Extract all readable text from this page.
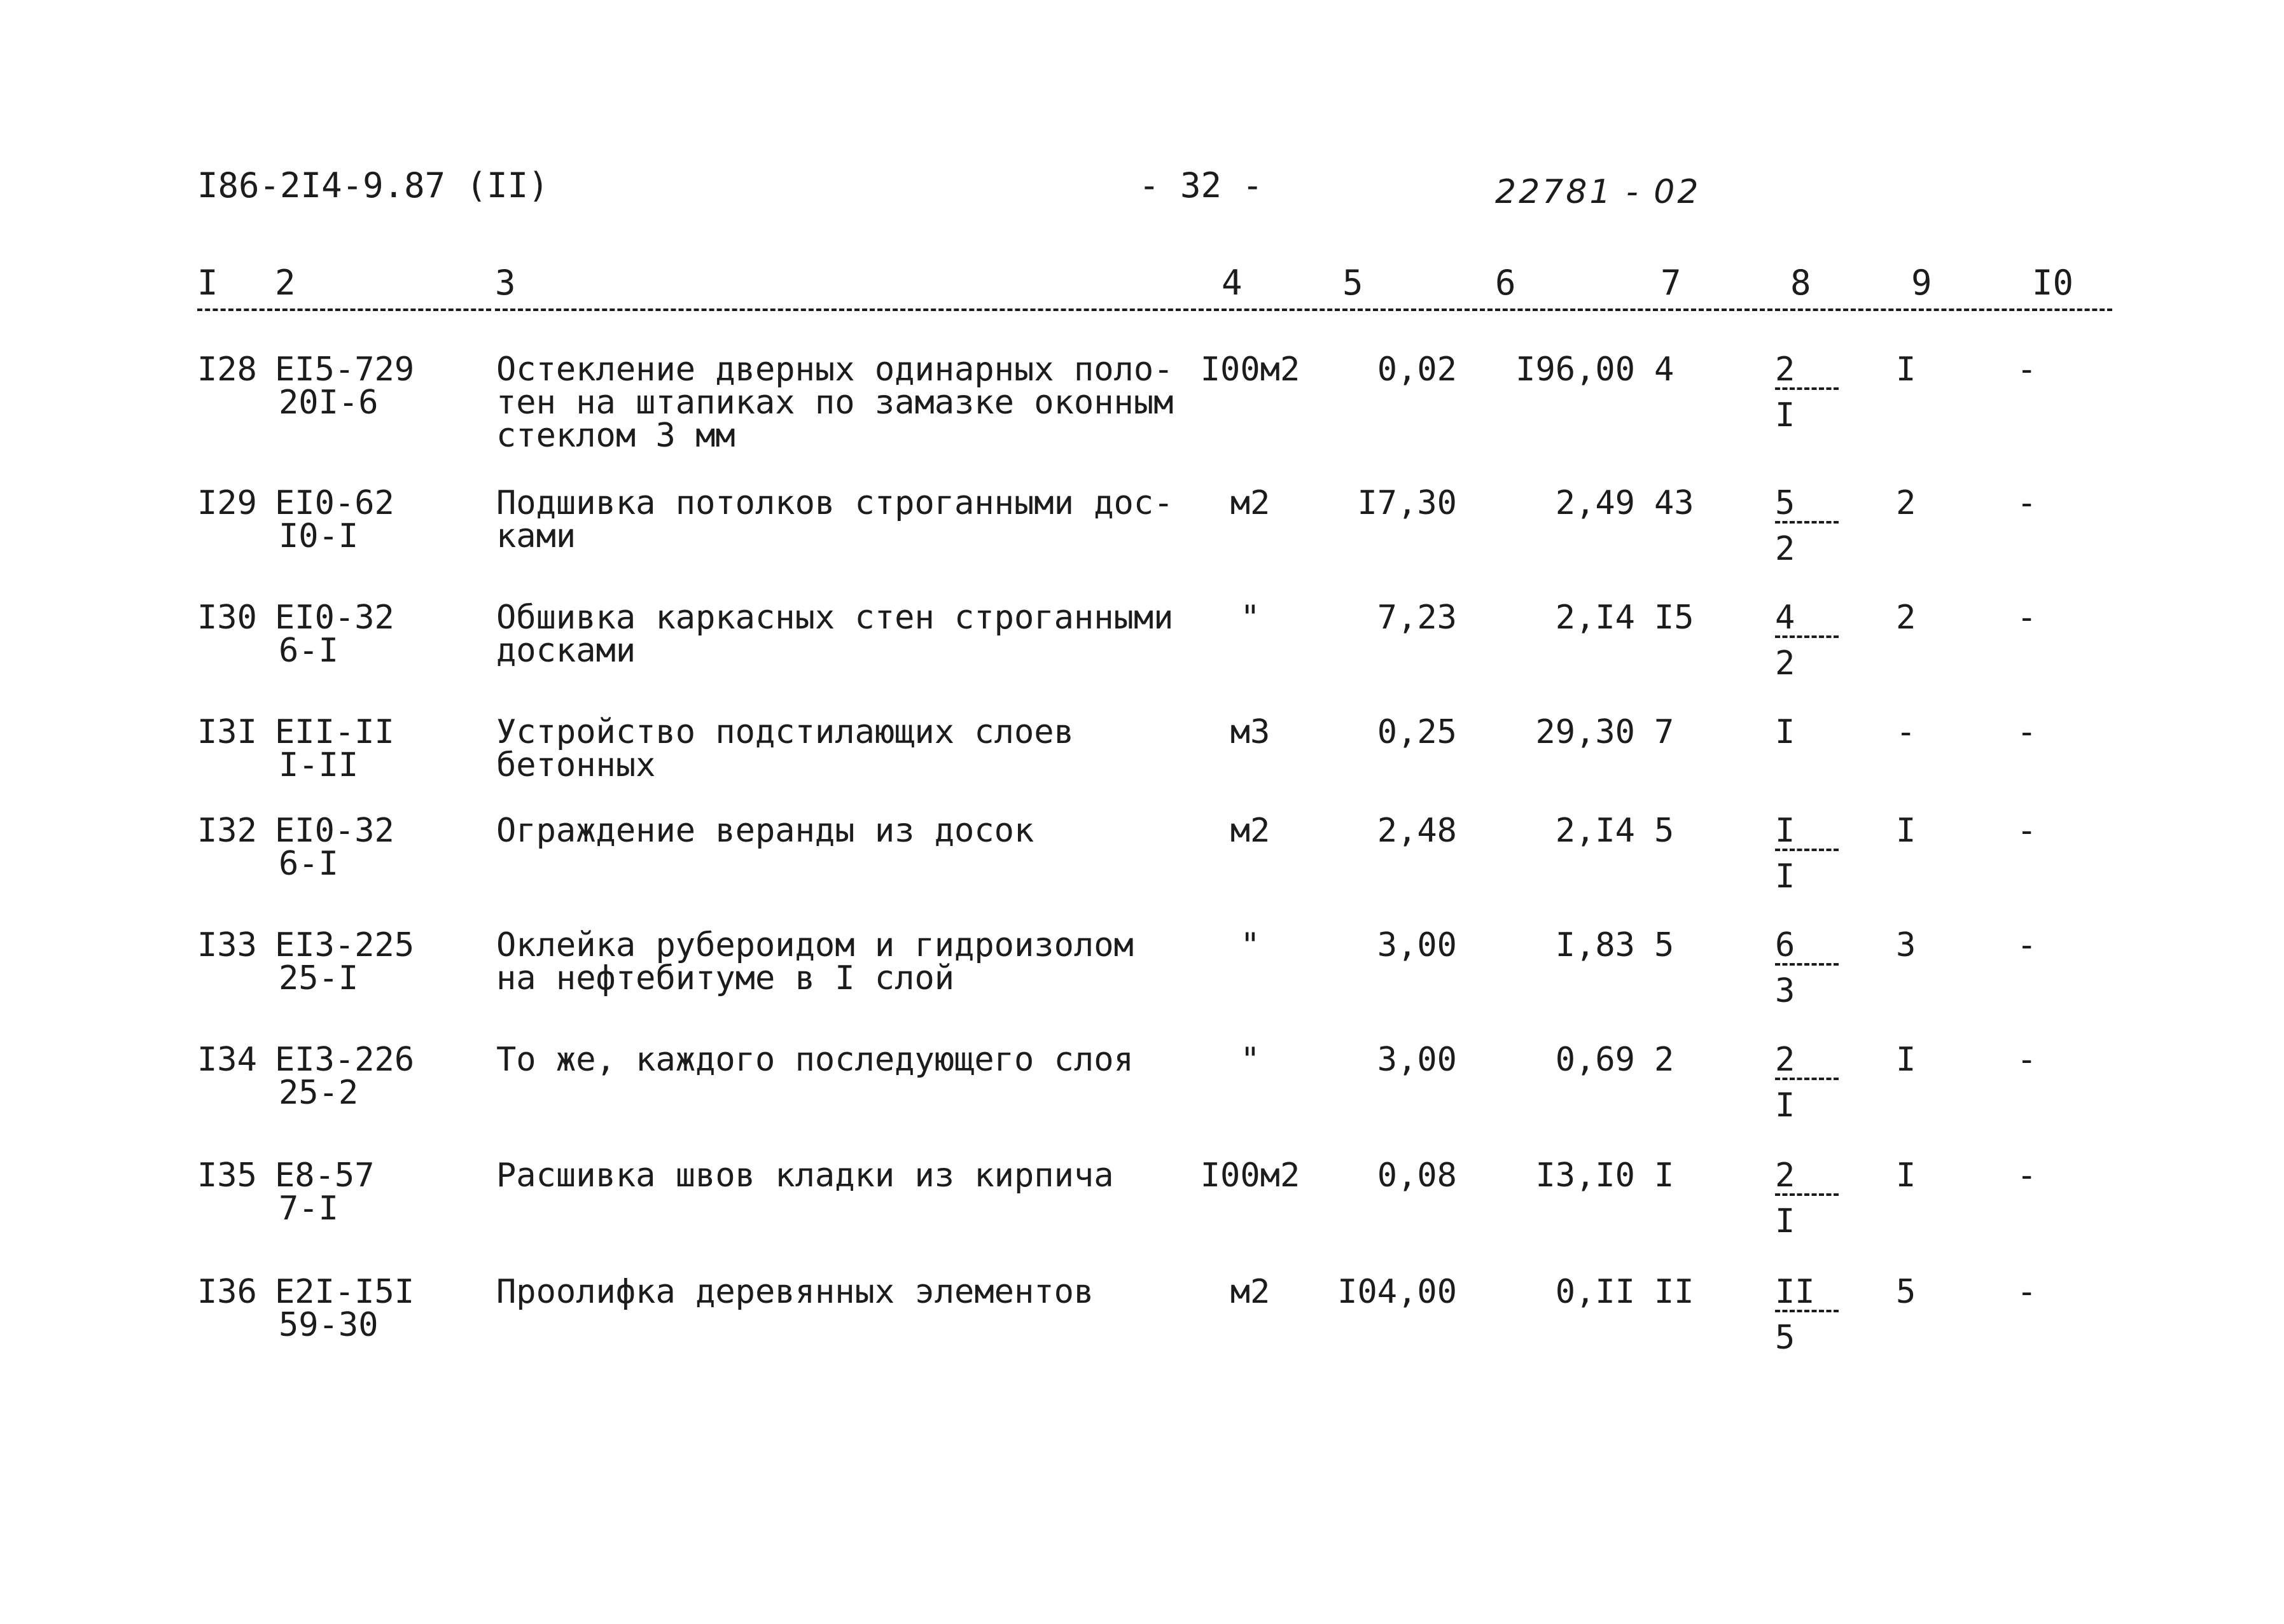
I86-2I4-9.87 (II)	- 32 -	22781 - 02
I	2	3	4	5	6	7	8	9	I0
I28 EI5-729
20I-6
Остекление дверных одинарных поло-
тен на штапиках по замазке оконным
стеклом 3 мм
I00м2	0,02	I96,00 4	$\frac{2}{I}$ I	-
I29 EI0-62
I0-I
Подшивка потолков строганными дос-
ками
м2	I7,30	2,49 43	$\frac{5}{2} 2$	-
I30 EI0-32
6-I
Обшивка каркасных стен строганными
досками
"	7,23	2,I4 I5	$\frac{4}{2} 2$	-
I3I EII-II
I-II
Устройство подстилающих слоев
бетонных
м3	0,25	29,30 7	I	-	-
I32 EI0-32
6-I
Ограждение веранды из досок	м2	2,48	2,I4 5	$\frac{I}{I}$ I	-
I33 EI3-225
25-I
Оклейка рубероидом и гидроизолом
на нефтебитуме в I слой
"	3,00	I,83 5	$\frac{6}{3} 3$	-
I34 EI3-226
25-2
То же, каждого последующего слоя	"	3,00	0,69 2	$\frac{2}{I}$ I	-
I35 E8-57
7-I
Расшивка швов кладки из кирпича	I00м2	0,08	I3,I0 I	$\frac{2}{I}$ I	-
I36 E2I-I5I
59-30
Проолифка деревянных элементов	м2	I04,00	0,II II	$\frac{II}{5} 5$	-
